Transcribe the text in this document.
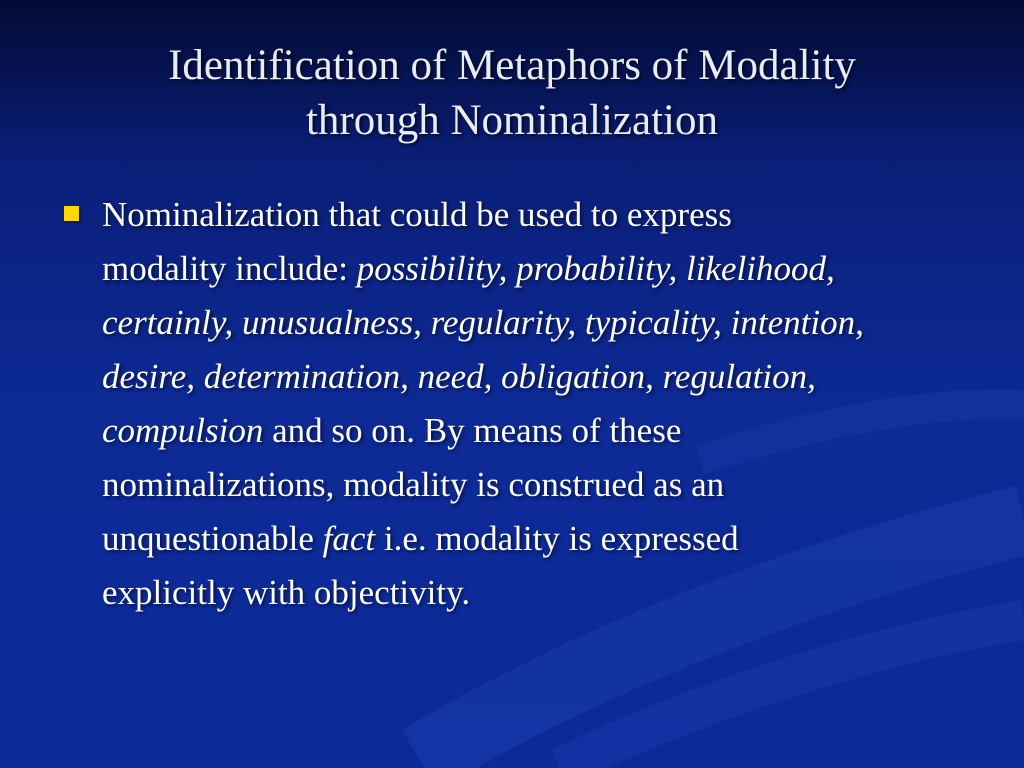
Identification of Metaphors of Modality
through Nominalization
Nominalization that could be used to express
modality include: possibility, probability, likelihood,
certainly, unusualness, regularity, typicality, intention,
desire, determination, need, obligation, regulation,
compulsion and so on. By means of these
nominalizations, modality is construed as an
unquestionable fact i.e. modality is expressed
explicitly with objectivity.
